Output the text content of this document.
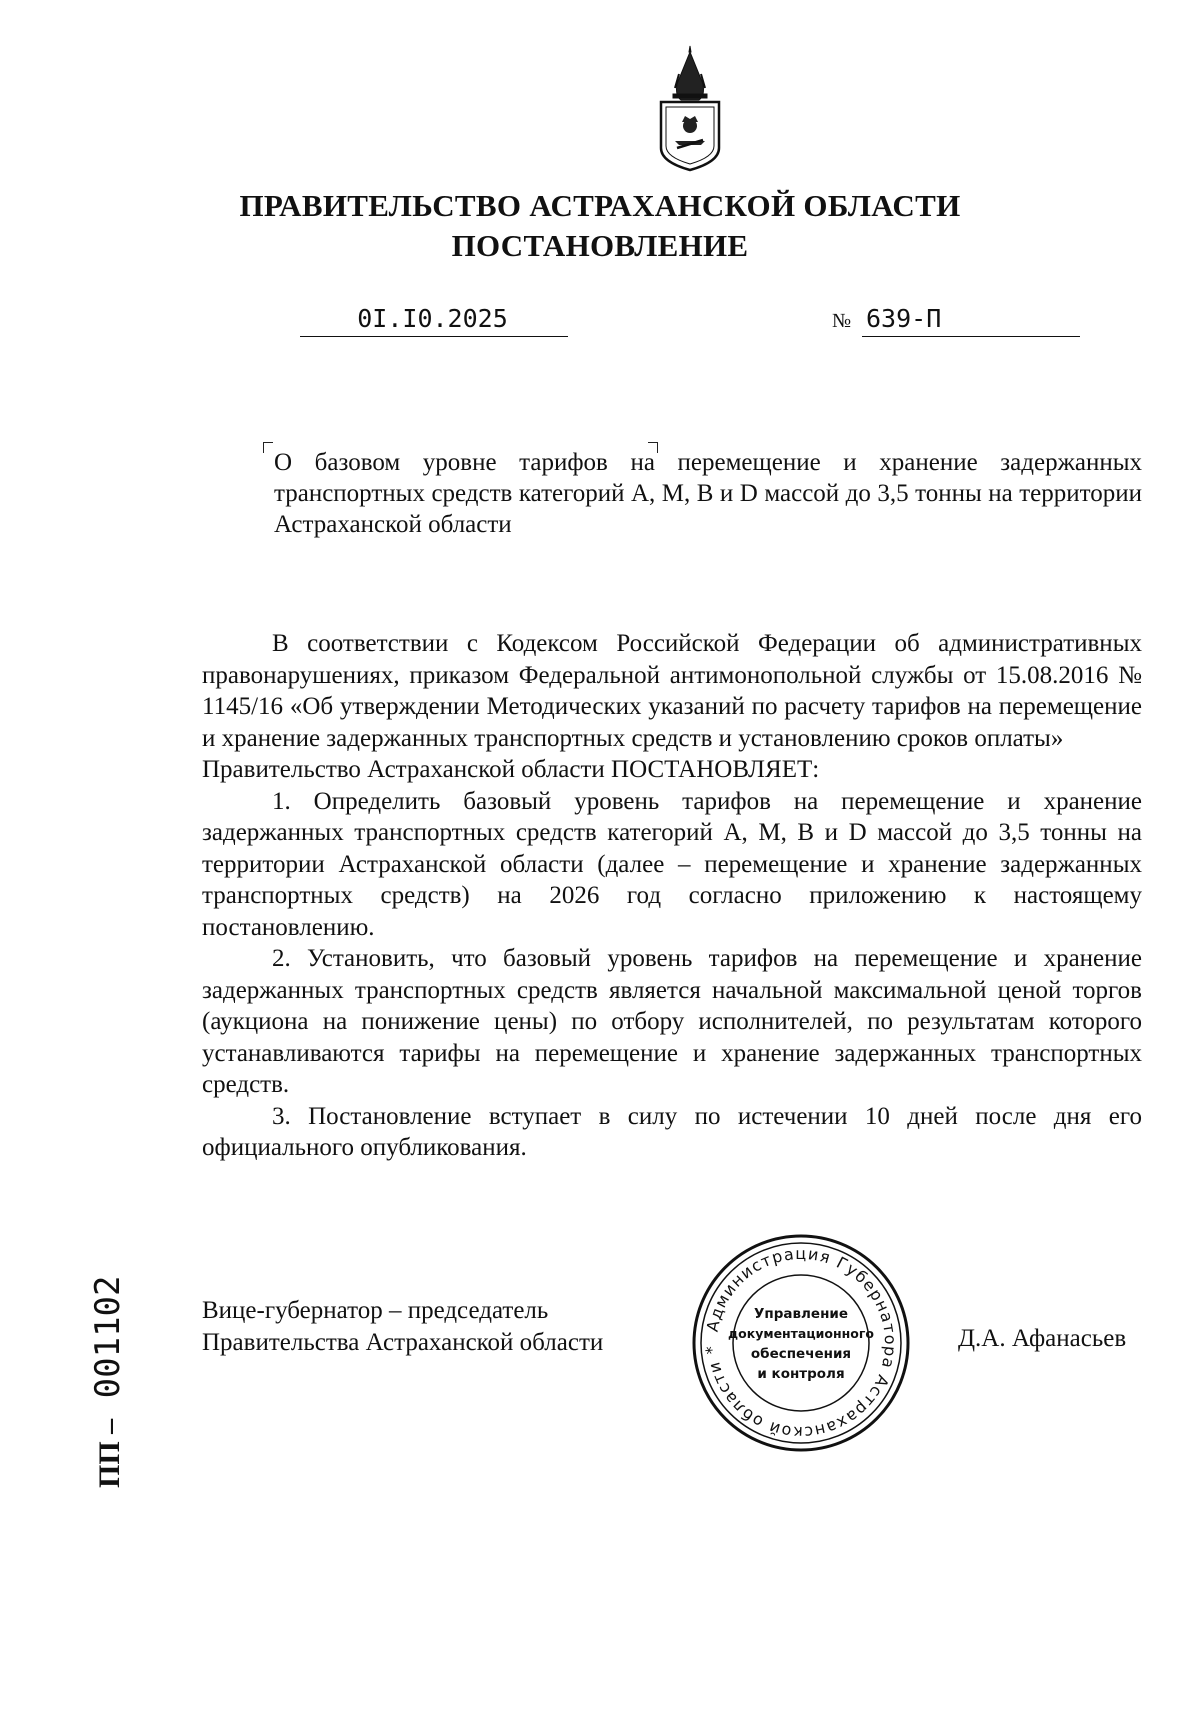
ПРАВИТЕЛЬСТВО АСТРАХАНСКОЙ ОБЛАСТИ
ПОСТАНОВЛЕНИЕ
0I.I0.2025	№ 639-П
О базовом уровне тарифов на перемещение и хранение задержанных транспортных средств категорий A, M, B и D массой до 3,5 тонны на территории Астраханской области

В соответствии с Кодексом Российской Федерации об административных правонарушениях, приказом Федеральной антимонопольной службы от 15.08.2016 № 1145/16 «Об утверждении Методических указаний по расчету тарифов на перемещение и хранение задержанных транспортных средств и установлению сроков оплаты»

Правительство Астраханской области ПОСТАНОВЛЯЕТ:

1. Определить базовый уровень тарифов на перемещение и хранение задержанных транспортных средств категорий A, M, B и D массой до 3,5 тонны на территории Астраханской области (далее – перемещение и хранение задержанных транспортных средств) на 2026 год согласно приложению к настоящему постановлению.

2. Установить, что базовый уровень тарифов на перемещение и хранение задержанных транспортных средств является начальной максимальной ценой торгов (аукциона на понижение цены) по отбору исполнителей, по результатам которого устанавливаются тарифы на перемещение и хранение задержанных транспортных средств.

3. Постановление вступает в силу по истечении 10 дней после дня его официального опубликования.

Вице-губернатор – председатель
Правительства Астраханской области	Д.А. Афанасьев
Администрация Губернатора Астраханской области *
Управление
документационного
обеспечения
и контроля
ПП – 001102
